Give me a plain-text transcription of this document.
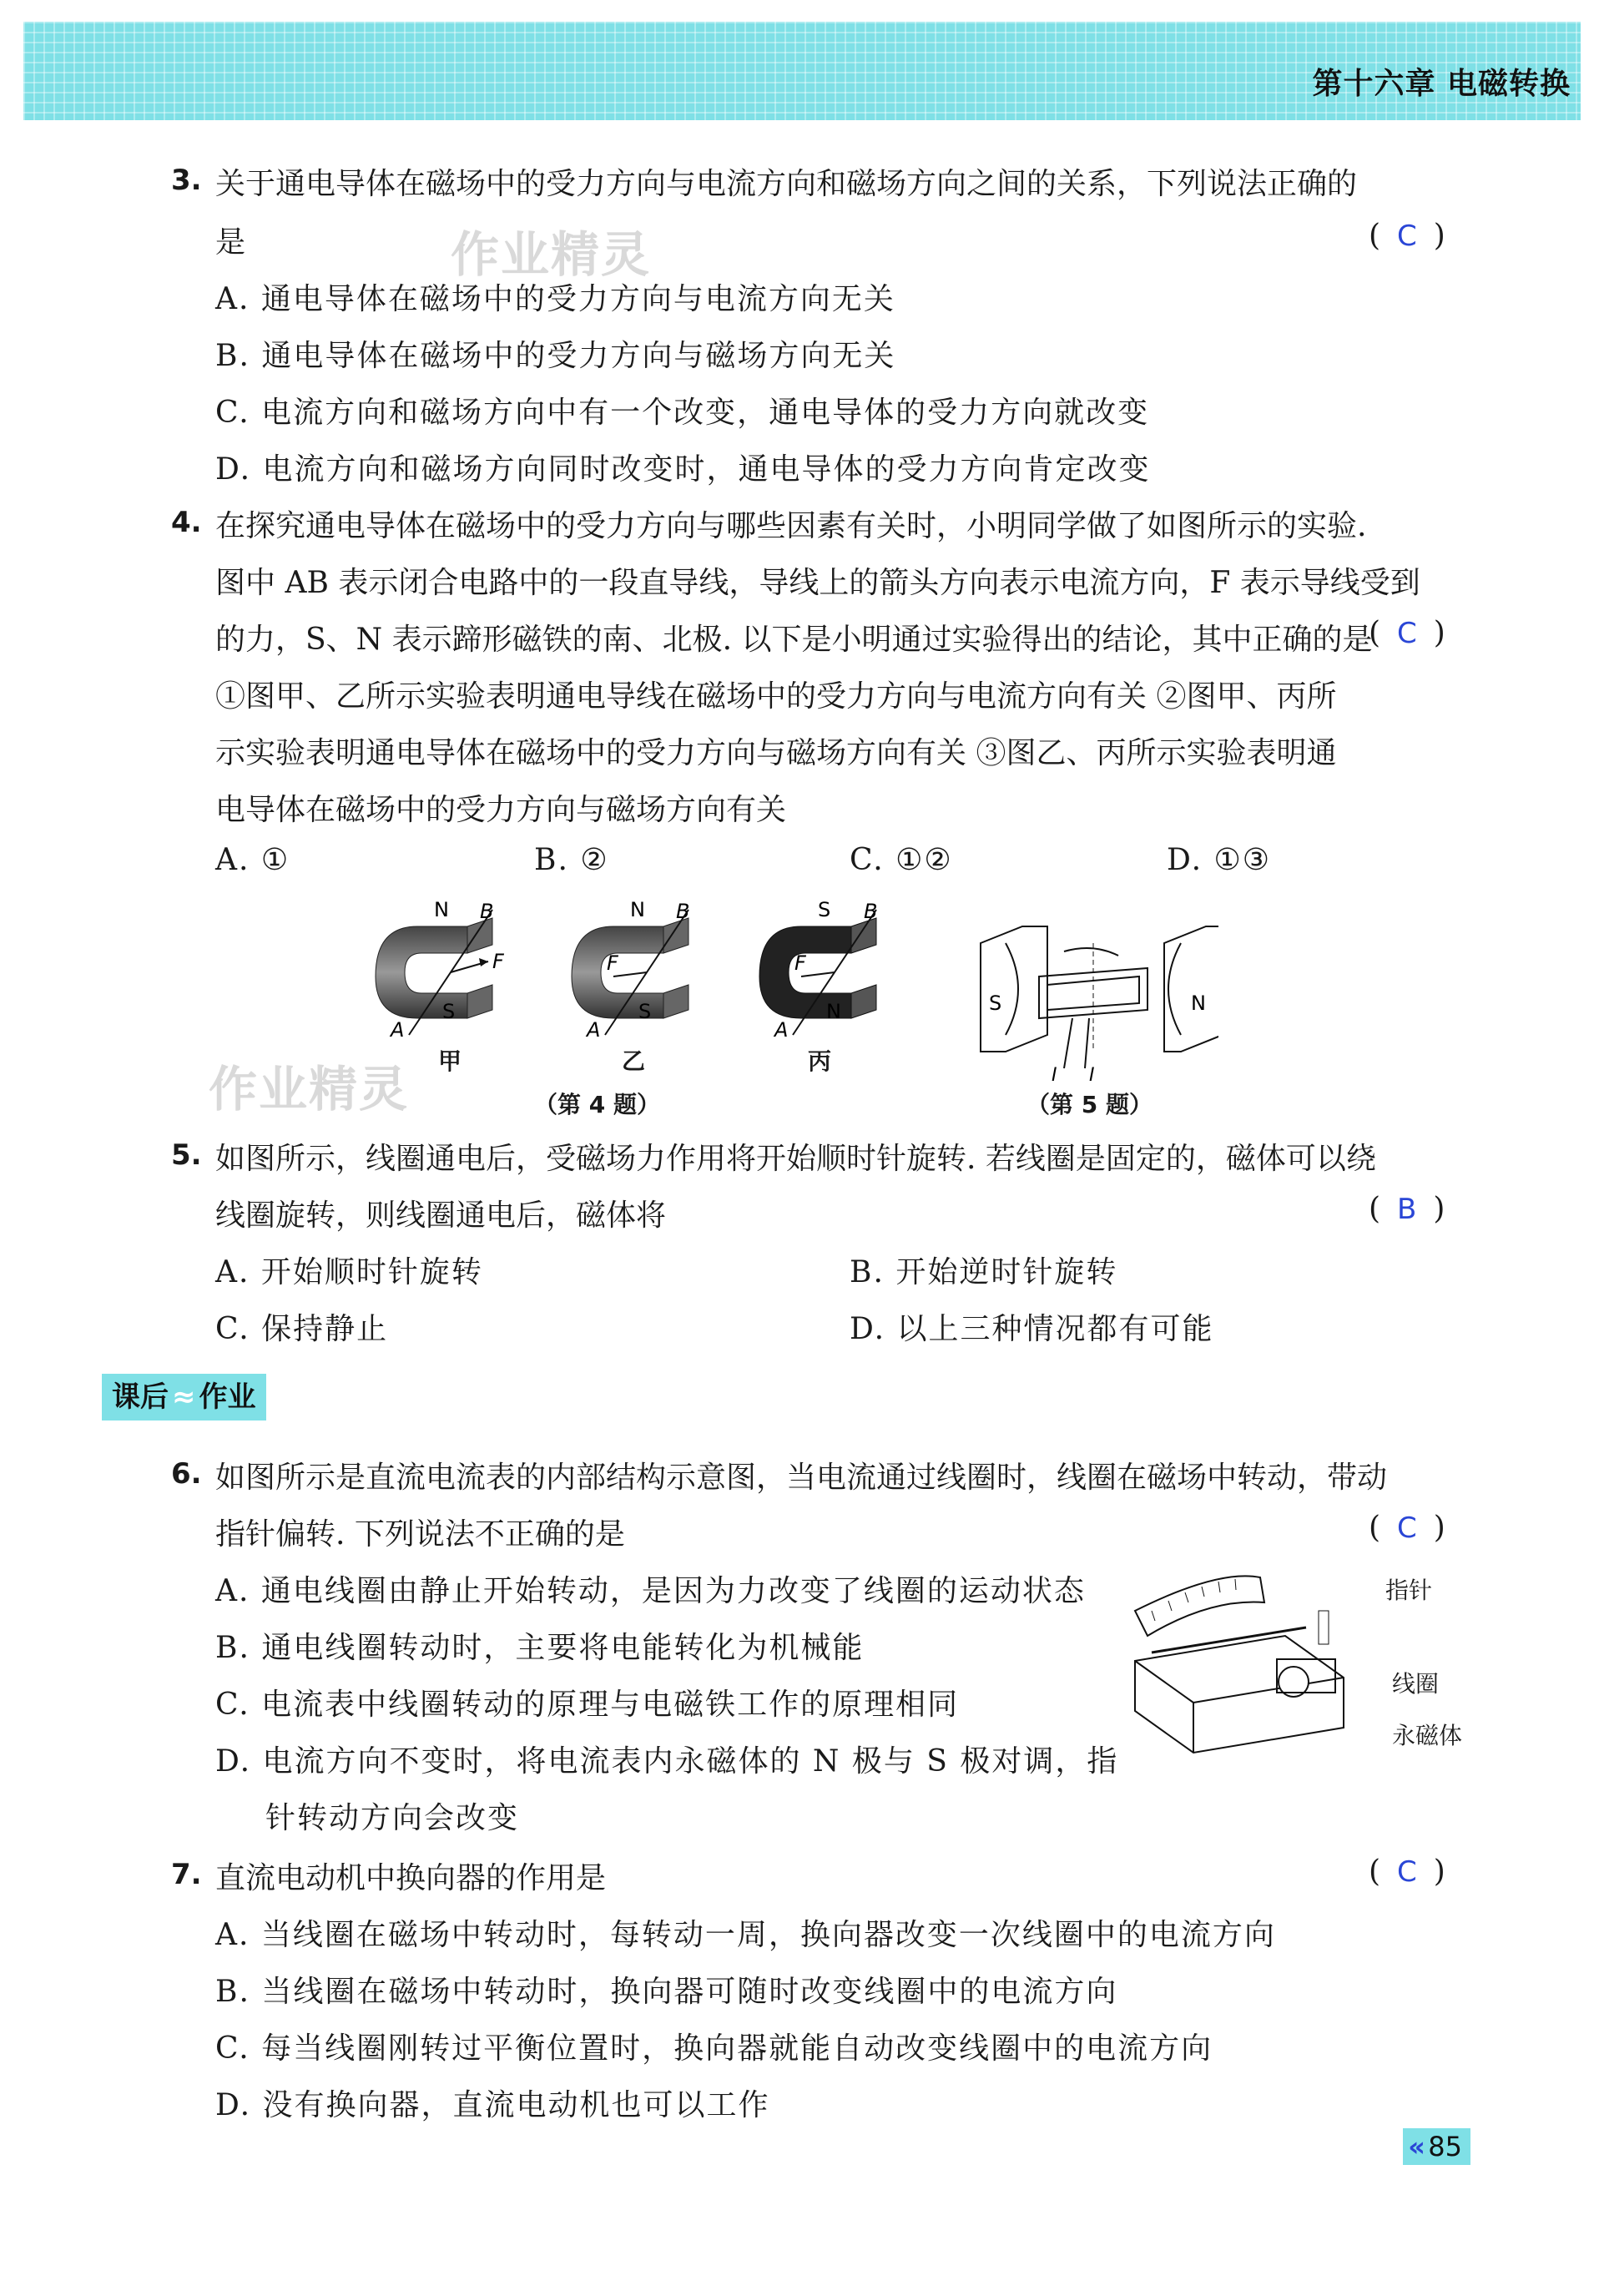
第十六章 电磁转换
3. 关于通电导体在磁场中的受力方向与电流方向和磁场方向之间的关系，下列说法正确的
是	( C )
作业精灵
A. 通电导体在磁场中的受力方向与电流方向无关
B. 通电导体在磁场中的受力方向与磁场方向无关
C. 电流方向和磁场方向中有一个改变，通电导体的受力方向就改变
D. 电流方向和磁场方向同时改变时，通电导体的受力方向肯定改变
4. 在探究通电导体在磁场中的受力方向与哪些因素有关时，小明同学做了如图所示的实验.
图中 AB 表示闭合电路中的一段直导线，导线上的箭头方向表示电流方向，F 表示导线受到
的力，S、N 表示蹄形磁铁的南、北极. 以下是小明通过实验得出的结论，其中正确的是
( C )
①图甲、乙所示实验表明通电导线在磁场中的受力方向与电流方向有关 ②图甲、丙所
示实验表明通电导体在磁场中的受力方向与磁场方向有关 ③图乙、丙所示实验表明通
电导体在磁场中的受力方向与磁场方向有关
A. ①	B. ②	C. ①②	D. ①③
N B
F
S
A
N B
F
S
A
S B
F
N
A
S	N
I I
甲	乙	丙
作业精灵	（第 4 题）	（第 5 题）
5. 如图所示，线圈通电后，受磁场力作用将开始顺时针旋转. 若线圈是固定的，磁体可以绕
线圈旋转，则线圈通电后，磁体将	( B )
A. 开始顺时针旋转	B. 开始逆时针旋转
C. 保持静止	D. 以上三种情况都有可能
课后 ≈ 作业
6. 如图所示是直流电流表的内部结构示意图，当电流通过线圈时，线圈在磁场中转动，带动
指针偏转. 下列说法不正确的是	( C )
A. 通电线圈由静止开始转动，是因为力改变了线圈的运动状态
B. 通电线圈转动时，主要将电能转化为机械能
C. 电流表中线圈转动的原理与电磁铁工作的原理相同
D. 电流方向不变时，将电流表内永磁体的 N 极与 S 极对调，指
针转动方向会改变
指针
线圈
永磁体
7. 直流电动机中换向器的作用是	( C )
A. 当线圈在磁场中转动时，每转动一周，换向器改变一次线圈中的电流方向
B. 当线圈在磁场中转动时，换向器可随时改变线圈中的电流方向
C. 每当线圈刚转过平衡位置时，换向器就能自动改变线圈中的电流方向
D. 没有换向器，直流电动机也可以工作
« 85
